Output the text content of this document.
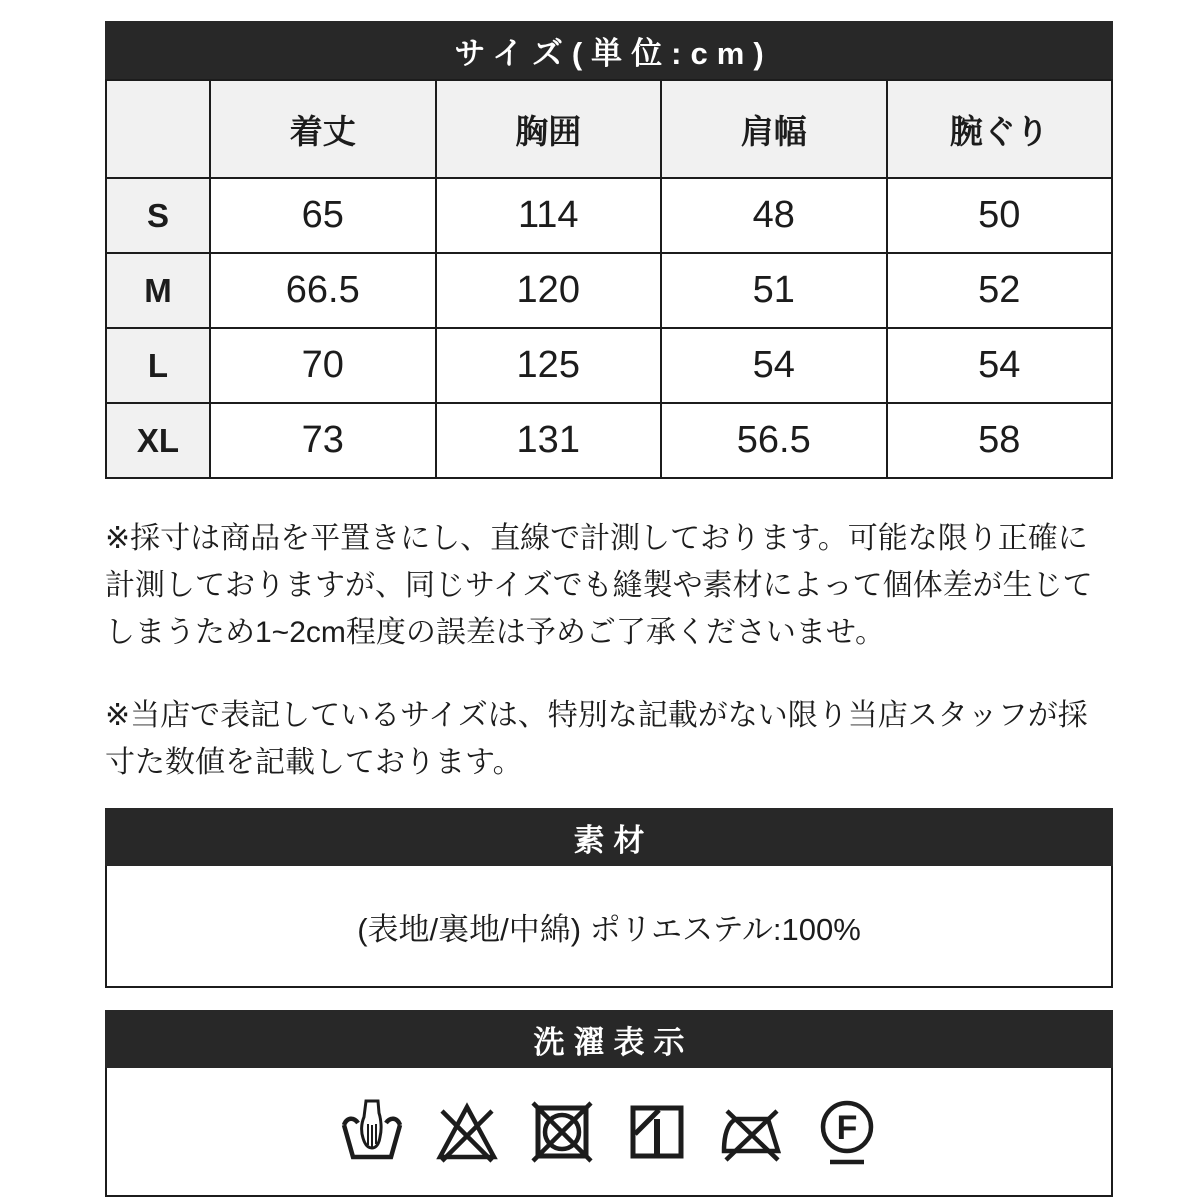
サイズ(単位:cm)
	着丈	胸囲	肩幅	腕ぐり
S	65	114	48	50
M	66.5	120	51	52
L	70	125	54	54
XL	73	131	56.5	58

※採寸は商品を平置きにし、直線で計測しております。可能な限り正確に計測しておりますが、同じサイズでも縫製や素材によって個体差が生じてしまうため1~2cm程度の誤差は予めご了承くださいませ。

※当店で表記しているサイズは、特別な記載がない限り当店スタッフが採寸た数値を記載しております。

素材
(表地/裏地/中綿) ポリエステル:100%
洗濯表示
F
